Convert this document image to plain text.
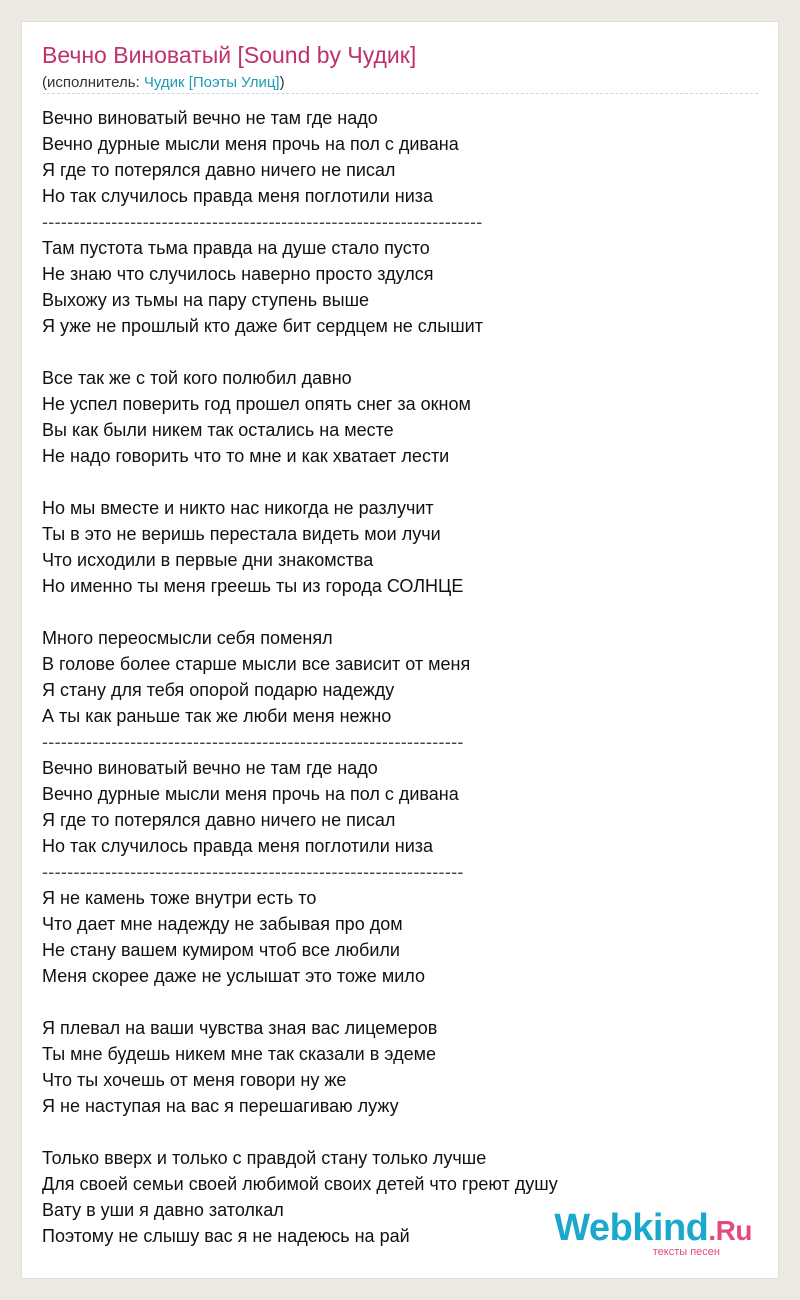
Вечно Виноватый [Sound by Чудик]
(исполнитель: Чудик [Поэты Улиц])
Вечно виноватый вечно не там где надо
Вечно дурные мысли меня прочь на пол с дивана
Я где то потерялся давно ничего не писал
Но так случилось правда меня поглотили низа
----------------------------------------------------------------------
Там пустота тьма правда на душе стало пусто
Не знаю что случилось наверно просто здулся
Выхожу из тьмы на пару ступень выше
Я уже не прошлый кто даже бит сердцем не слышит
Все так же с той кого полюбил давно
Не успел поверить год прошел опять снег за окном
Вы как были никем так остались на месте
Не надо говорить что то мне и как хватает лести
Но мы вместе и никто нас никогда не разлучит
Ты в это не веришь перестала видеть мои лучи
Что исходили в первые дни знакомства
Но именно ты меня греешь ты из города СОЛНЦЕ
Много переосмысли себя поменял
В голове более старше мысли все зависит от меня
Я стану для тебя опорой подарю надежду
А ты как раньше так же люби меня нежно
-------------------------------------------------------------------
Вечно виноватый вечно не там где надо
Вечно дурные мысли меня прочь на пол с дивана
Я где то потерялся давно ничего не писал
Но так случилось правда меня поглотили низа
-------------------------------------------------------------------
Я не камень тоже внутри есть то
Что дает мне надежду не забывая про дом
Не стану вашем кумиром чтоб все любили
Меня скорее даже не услышат это тоже мило
Я плевал на ваши чувства зная вас лицемеров
Ты мне будешь никем мне так сказали в эдеме
Что ты хочешь от меня говори ну же
Я не наступая на вас я перешагиваю лужу
Только вверх и только с правдой стану только лучше
Для своей семьи своей любимой своих детей что греют душу
Вату в уши я давно затолкал
Поэтому не слышу вас я не надеюсь на рай	Webkind.Ru
тексты песен
